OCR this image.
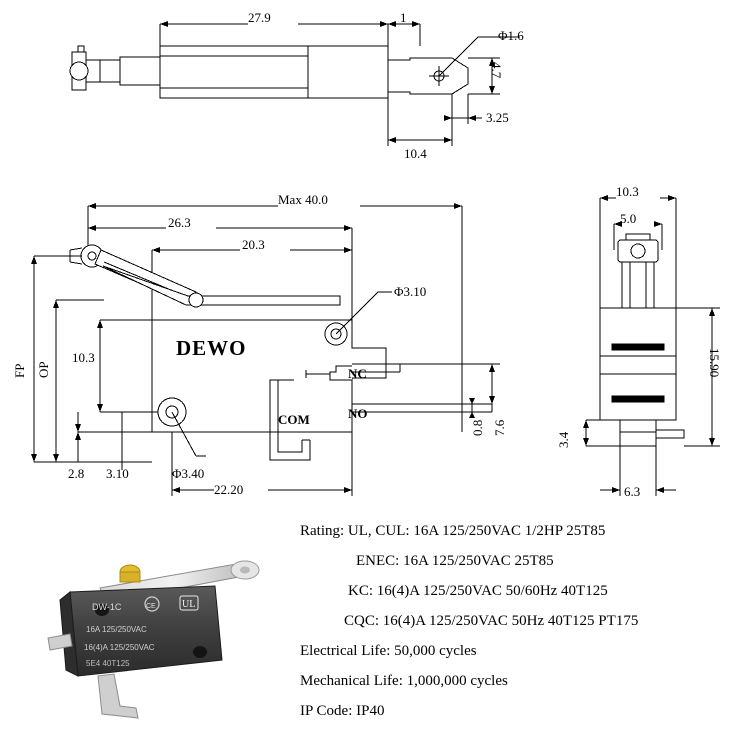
27.9	1
Φ1.6
4.7
3.25
10.4
Max 40.0
26.3
20.3
Φ3.10
10.3
2.8 3.10	Φ3.40
22.20
0.8 7.6
FP OP	NC
NO
COM
DEWO
10.3
5.0
15.90
3.4
6.3
DW-1C
16A 125/250VAC
16(4)A 125/250VAC
5E4 40T125
CE	UL
Rating: UL, CUL: 16A 125/250VAC 1/2HP 25T85
ENEC: 16A 125/250VAC 25T85
KC: 16(4)A 125/250VAC 50/60Hz 40T125
CQC: 16(4)A 125/250VAC 50Hz 40T125 PT175
Electrical Life: 50,000 cycles
Mechanical Life: 1,000,000 cycles
IP Code: IP40
